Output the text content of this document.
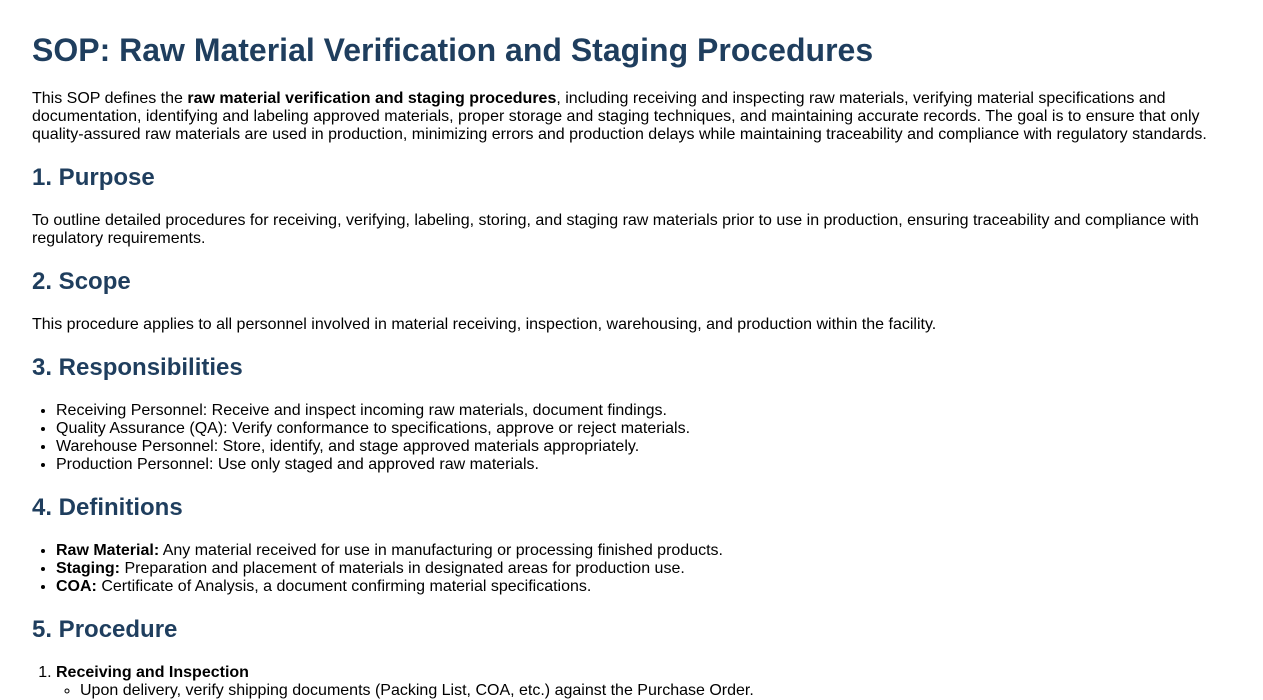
SOP: Raw Material Verification and Staging Procedures

This SOP defines the raw material verification and staging procedures, including receiving and inspecting raw materials, verifying material specifications and documentation, identifying and labeling approved materials, proper storage and staging techniques, and maintaining accurate records. The goal is to ensure that only quality-assured raw materials are used in production, minimizing errors and production delays while maintaining traceability and compliance with regulatory standards.

1. Purpose

To outline detailed procedures for receiving, verifying, labeling, storing, and staging raw materials prior to use in production, ensuring traceability and compliance with regulatory requirements.

2. Scope

This procedure applies to all personnel involved in material receiving, inspection, warehousing, and production within the facility.

3. Responsibilities
• Receiving Personnel: Receive and inspect incoming raw materials, document findings.
• Quality Assurance (QA): Verify conformance to specifications, approve or reject materials.
• Warehouse Personnel: Store, identify, and stage approved materials appropriately.
• Production Personnel: Use only staged and approved raw materials.
4. Definitions
• Raw Material: Any material received for use in manufacturing or processing finished products.
• Staging: Preparation and placement of materials in designated areas for production use.
• COA: Certificate of Analysis, a document confirming material specifications.
5. Procedure
1. Receiving and Inspection
◦ Upon delivery, verify shipping documents (Packing List, COA, etc.) against the Purchase Order.
